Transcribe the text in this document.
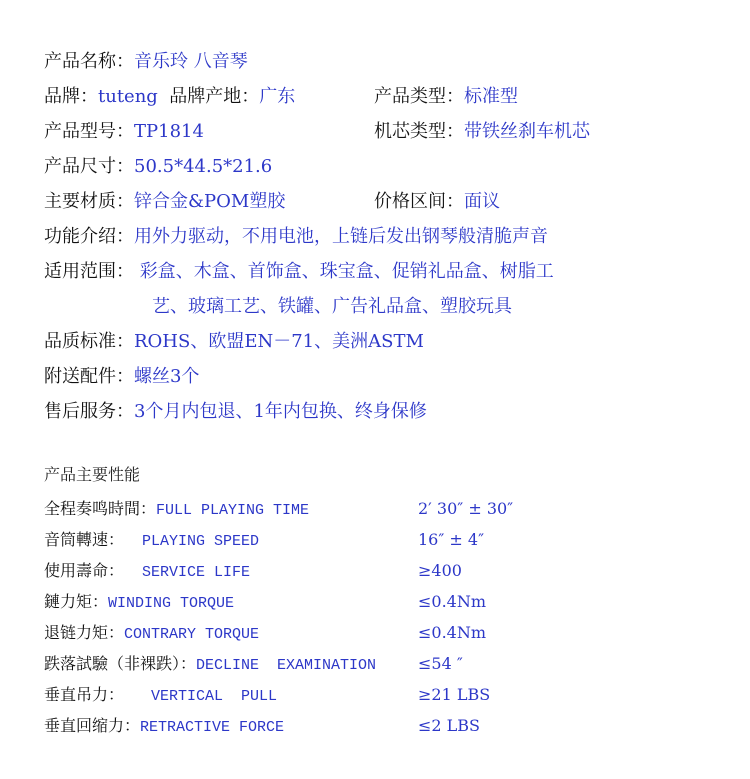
产品名称：音乐玲 八音琴
品牌：tuteng 品牌产地：广东	产品类型：标准型
产品型号：TP1814	机芯类型：带铁丝刹车机芯
产品尺寸：50.5*44.5*21.6
主要材质：锌合金&POM塑胶	价格区间：面议
功能介绍：用外力驱动，不用电池，上链后发出钢琴般清脆声音
适用范围： 彩盒、木盒、首饰盒、珠宝盒、促销礼品盒、树脂工
艺、玻璃工艺、铁罐、广告礼品盒、塑胶玩具
品质标准：ROHS、欧盟EN－71、美洲ASTM
附送配件：螺丝3个
售后服务：3个月内包退、1年内包换、终身保修
产品主要性能
全程奏鸣時間：FULL PLAYING TIME	2′ 30″ ± 30″
音筒轉速：  PLAYING SPEED	16″ ± 4″
使用壽命：  SERVICE LIFE	≥400
鏈力矩：WINDING TORQUE	≤0.4Nm
退链力矩：CONTRARY TORQUE	≤0.4Nm
跌落試驗（非裸跌）：DECLINE  EXAMINATION	≤54 ″
垂直吊力：   VERTICAL  PULL	≥21 LBS
垂直回缩力：RETRACTIVE FORCE	≤2 LBS
